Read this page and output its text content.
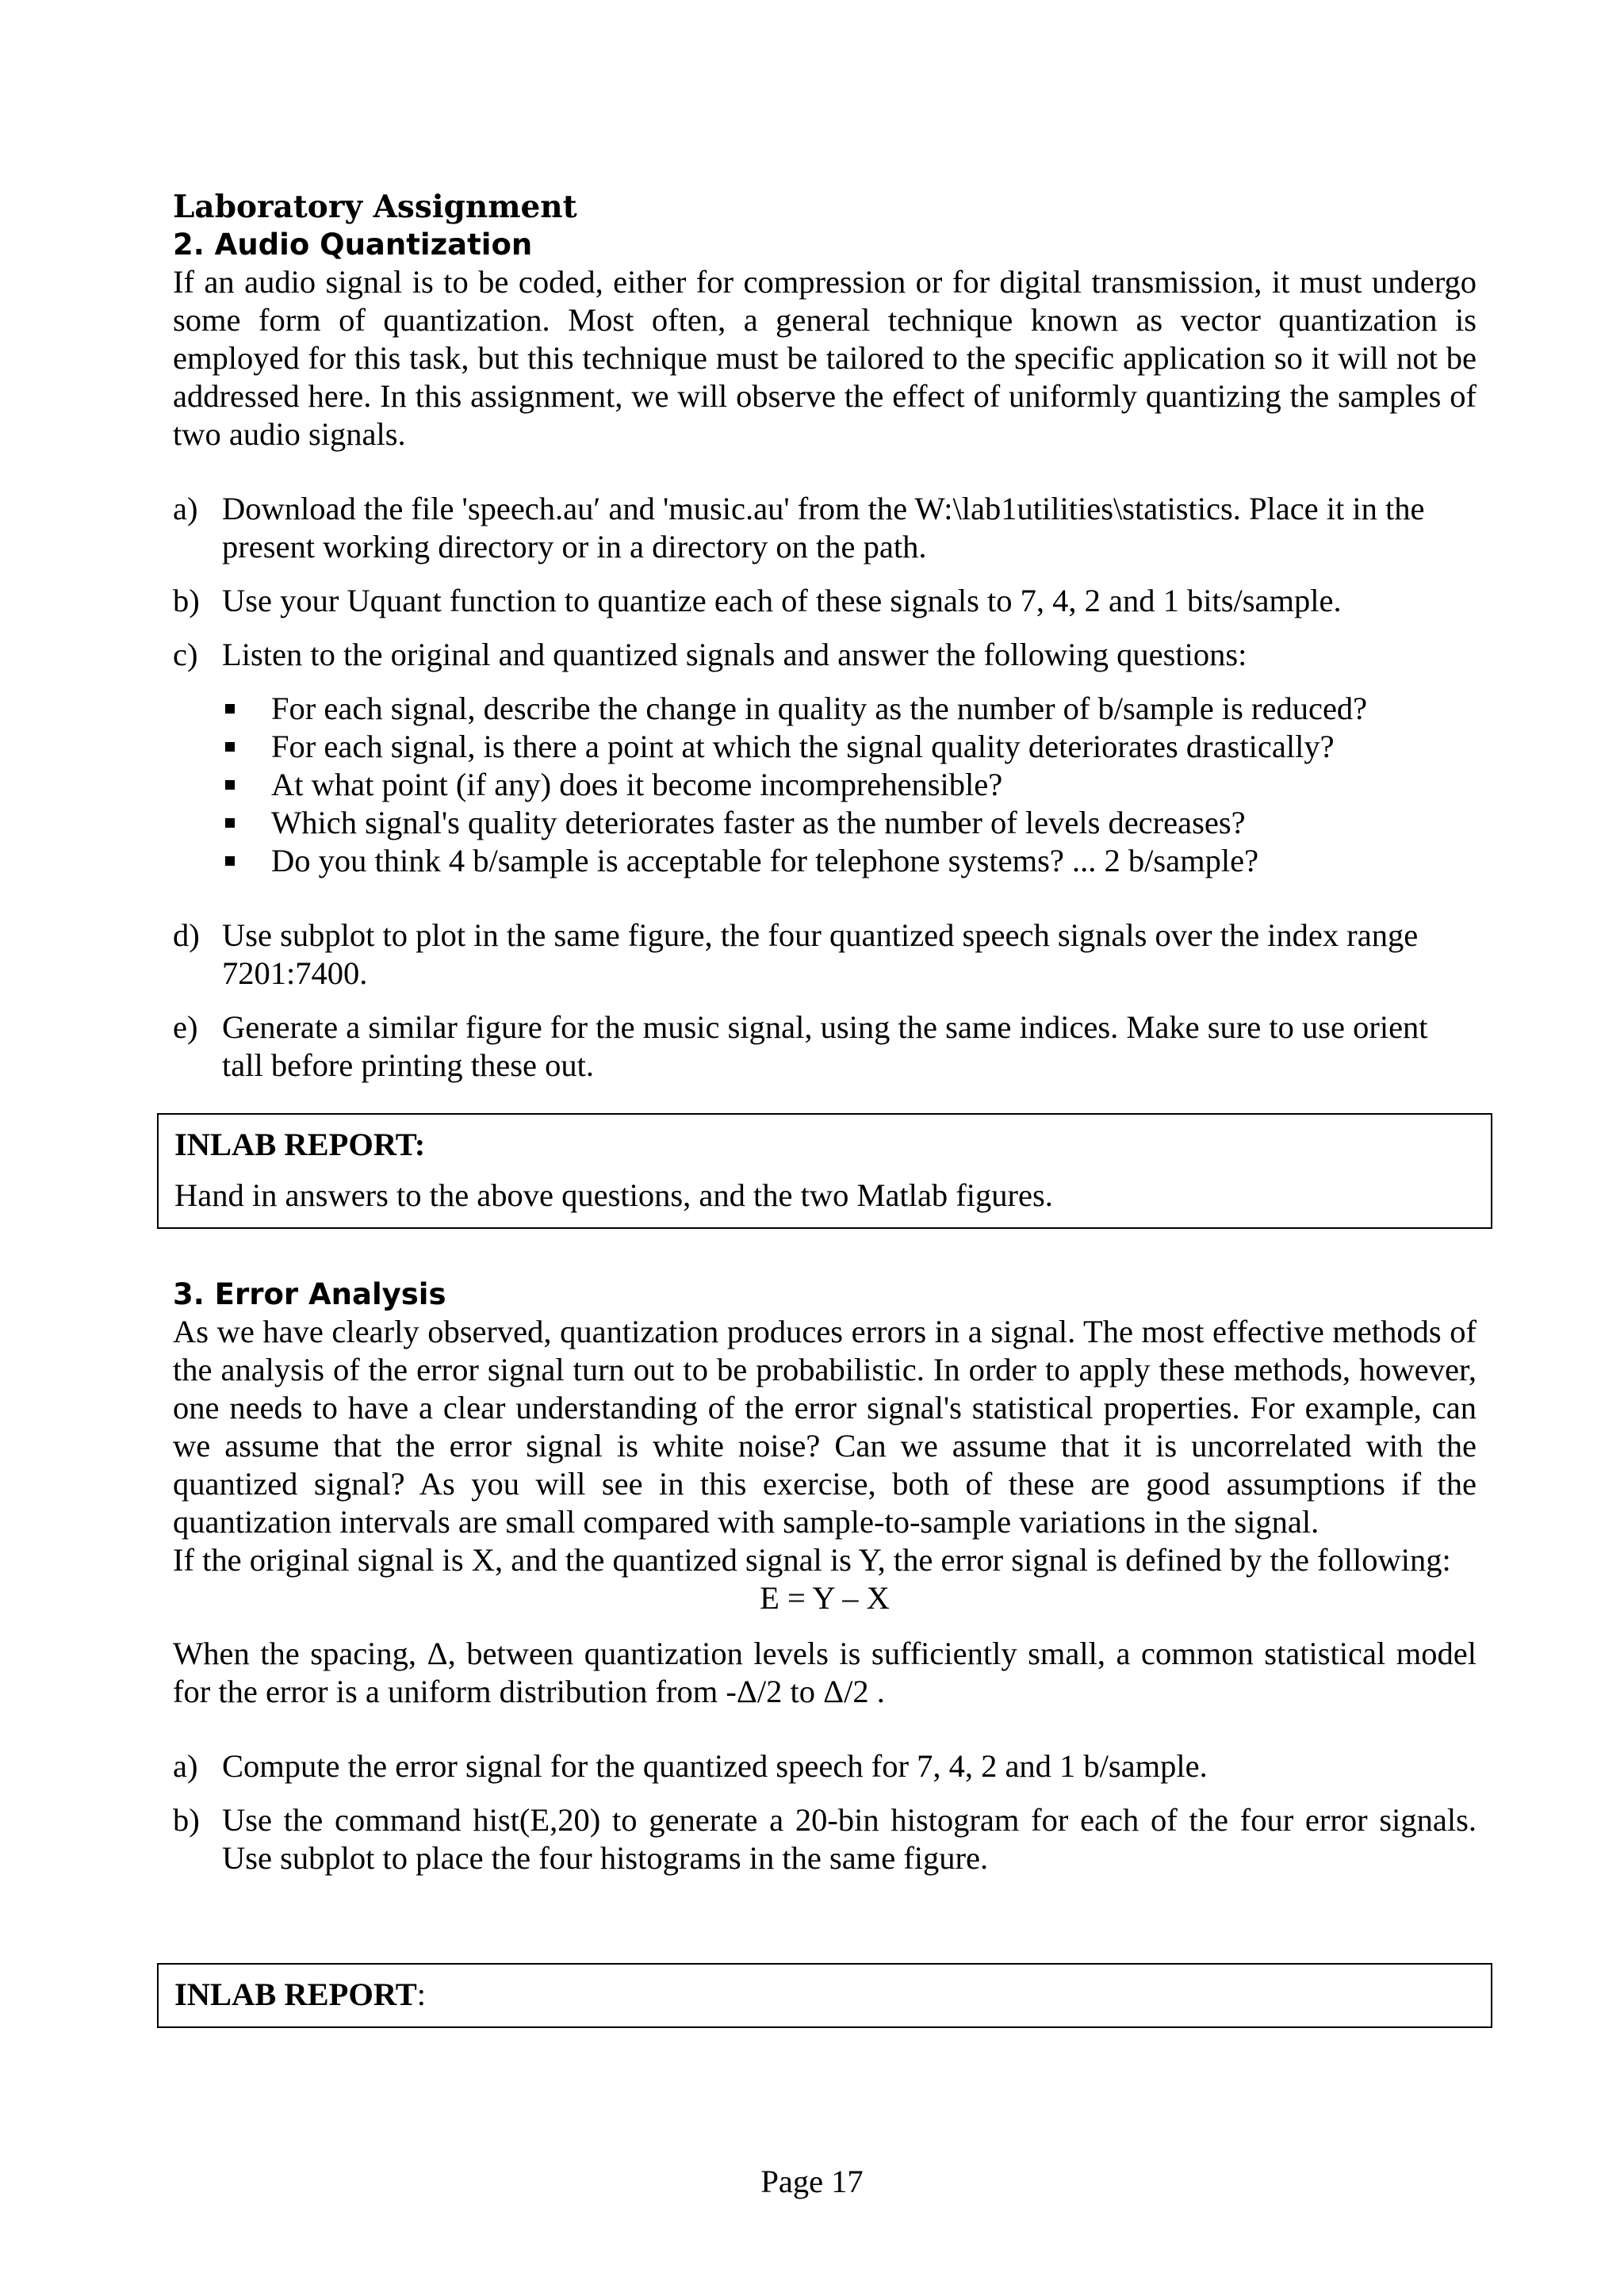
Laboratory Assignment
2. Audio Quantization

If an audio signal is to be coded, either for compression or for digital transmission, it must undergo some form of quantization. Most often, a general technique known as vector quantization is employed for this task, but this technique must be tailored to the specific application so it will not be addressed here. In this assignment, we will observe the effect of uniformly quantizing the samples of two audio signals.

a) Download the file 'speech.au′ and 'music.au' from the W:\lab1utilities\statistics. Place it in the present working directory or in a directory on the path.
b) Use your Uquant function to quantize each of these signals to 7, 4, 2 and 1 bits/sample.
c) Listen to the original and quantized signals and answer the following questions:
For each signal, describe the change in quality as the number of b/sample is reduced?
For each signal, is there a point at which the signal quality deteriorates drastically?
At what point (if any) does it become incomprehensible?
Which signal's quality deteriorates faster as the number of levels decreases?
Do you think 4 b/sample is acceptable for telephone systems? ... 2 b/sample?
d) Use subplot to plot in the same figure, the four quantized speech signals over the index range 7201:7400.
e) Generate a similar figure for the music signal, using the same indices. Make sure to use orient tall before printing these out.

INLAB REPORT:

Hand in answers to the above questions, and the two Matlab figures.

3. Error Analysis

As we have clearly observed, quantization produces errors in a signal. The most effective methods of the analysis of the error signal turn out to be probabilistic. In order to apply these methods, however, one needs to have a clear understanding of the error signal's statistical properties. For example, can we assume that the error signal is white noise? Can we assume that it is uncorrelated with the quantized signal? As you will see in this exercise, both of these are good assumptions if the quantization intervals are small compared with sample-to-sample variations in the signal.

If the original signal is X, and the quantized signal is Y, the error signal is defined by the following:

E = Y – X

When the spacing, Δ, between quantization levels is sufficiently small, a common statistical model for the error is a uniform distribution from -Δ/2 to Δ/2 .

a) Compute the error signal for the quantized speech for 7, 4, 2 and 1 b/sample.
b) Use the command hist(E,20) to generate a 20-bin histogram for each of the four error signals. Use subplot to place the four histograms in the same figure.

INLAB REPORT:

Page 17
